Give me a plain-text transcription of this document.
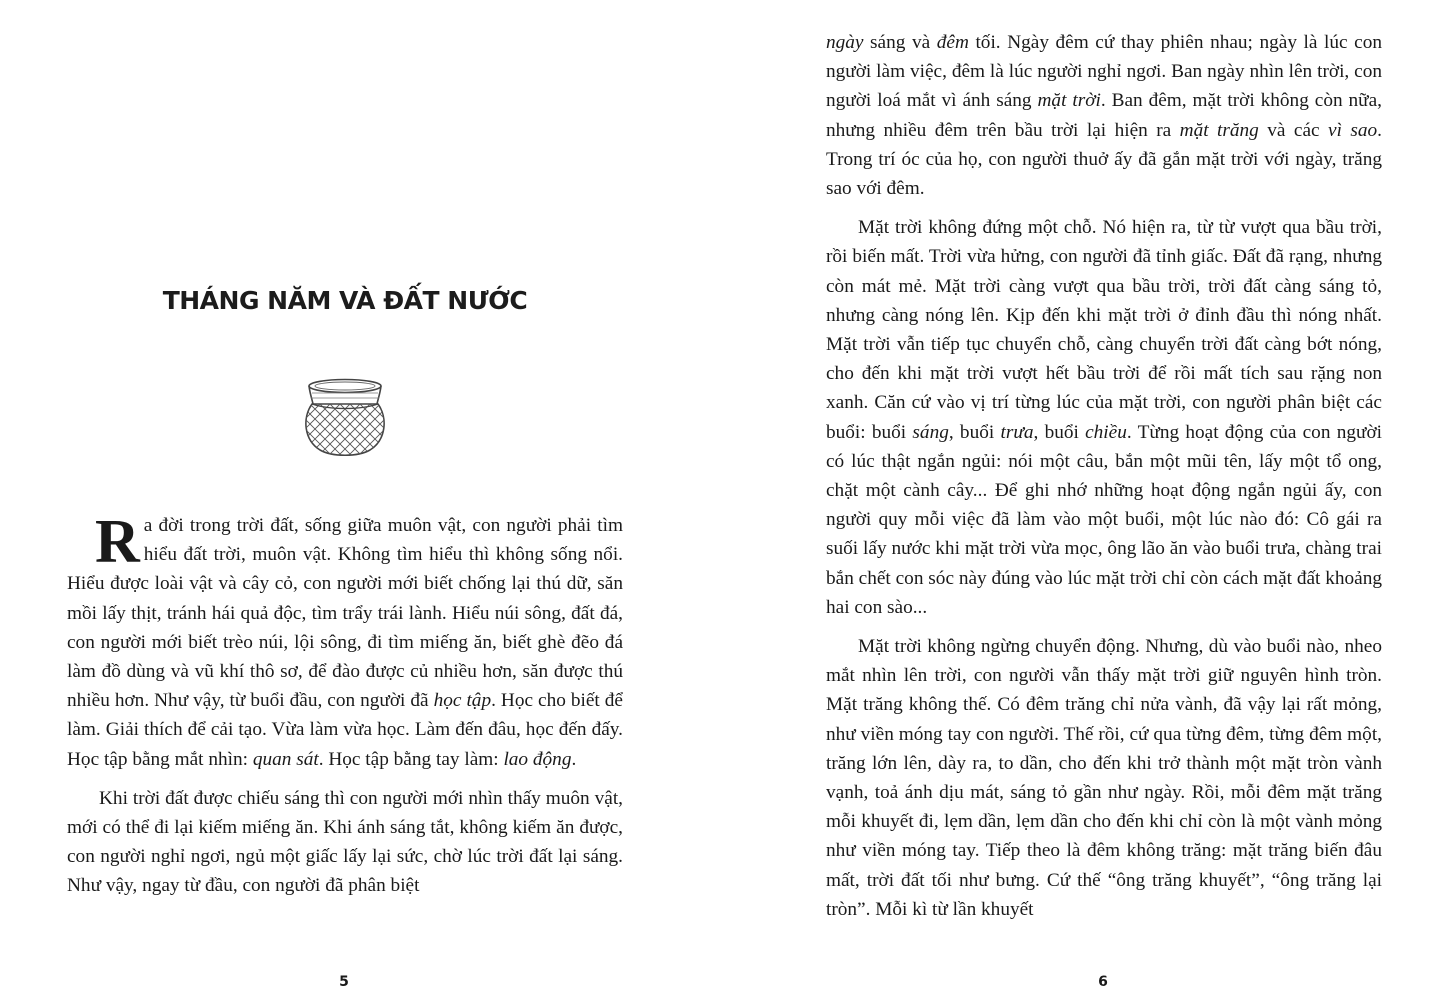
THÁNG NĂM VÀ ĐẤT NƯỚC

Ra đời trong trời đất, sống giữa muôn vật, con người phải tìm hiểu đất trời, muôn vật. Không tìm hiểu thì không sống nổi. Hiểu được loài vật và cây cỏ, con người mới biết chống lại thú dữ, săn mồi lấy thịt, tránh hái quả độc, tìm trẩy trái lành. Hiểu núi sông, đất đá, con người mới biết trèo núi, lội sông, đi tìm miếng ăn, biết ghè đẽo đá làm đồ dùng và vũ khí thô sơ, để đào được củ nhiều hơn, săn được thú nhiều hơn. Như vậy, từ buổi đầu, con người đã học tập. Học cho biết để làm. Giải thích để cải tạo. Vừa làm vừa học. Làm đến đâu, học đến đấy. Học tập bằng mắt nhìn: quan sát. Học tập bằng tay làm: lao động.

Khi trời đất được chiếu sáng thì con người mới nhìn thấy muôn vật, mới có thể đi lại kiếm miếng ăn. Khi ánh sáng tắt, không kiếm ăn được, con người nghỉ ngơi, ngủ một giấc lấy lại sức, chờ lúc trời đất lại sáng. Như vậy, ngay từ đầu, con người đã phân biệt

5

ngày sáng và đêm tối. Ngày đêm cứ thay phiên nhau; ngày là lúc con người làm việc, đêm là lúc người nghỉ ngơi. Ban ngày nhìn lên trời, con người loá mắt vì ánh sáng mặt trời. Ban đêm, mặt trời không còn nữa, nhưng nhiều đêm trên bầu trời lại hiện ra mặt trăng và các vì sao. Trong trí óc của họ, con người thuở ấy đã gắn mặt trời với ngày, trăng sao với đêm.

Mặt trời không đứng một chỗ. Nó hiện ra, từ từ vượt qua bầu trời, rồi biến mất. Trời vừa hửng, con người đã tỉnh giấc. Đất đã rạng, nhưng còn mát mẻ. Mặt trời càng vượt qua bầu trời, trời đất càng sáng tỏ, nhưng càng nóng lên. Kịp đến khi mặt trời ở đỉnh đầu thì nóng nhất. Mặt trời vẫn tiếp tục chuyển chỗ, càng chuyển trời đất càng bớt nóng, cho đến khi mặt trời vượt hết bầu trời để rồi mất tích sau rặng non xanh. Căn cứ vào vị trí từng lúc của mặt trời, con người phân biệt các buổi: buổi sáng, buổi trưa, buổi chiều. Từng hoạt động của con người có lúc thật ngắn ngủi: nói một câu, bắn một mũi tên, lấy một tổ ong, chặt một cành cây... Để ghi nhớ những hoạt động ngắn ngủi ấy, con người quy mỗi việc đã làm vào một buổi, một lúc nào đó: Cô gái ra suối lấy nước khi mặt trời vừa mọc, ông lão ăn vào buổi trưa, chàng trai bắn chết con sóc này đúng vào lúc mặt trời chỉ còn cách mặt đất khoảng hai con sào...

Mặt trời không ngừng chuyển động. Nhưng, dù vào buổi nào, nheo mắt nhìn lên trời, con người vẫn thấy mặt trời giữ nguyên hình tròn. Mặt trăng không thế. Có đêm trăng chỉ nửa vành, đã vậy lại rất mỏng, như viền móng tay con người. Thế rồi, cứ qua từng đêm, từng đêm một, trăng lớn lên, dày ra, to dần, cho đến khi trở thành một mặt tròn vành vạnh, toả ánh dịu mát, sáng tỏ gần như ngày. Rồi, mỗi đêm mặt trăng mỗi khuyết đi, lẹm dần, lẹm dần cho đến khi chỉ còn là một vành mỏng như viền móng tay. Tiếp theo là đêm không trăng: mặt trăng biến đâu mất, trời đất tối như bưng. Cứ thế “ông trăng khuyết”, “ông trăng lại tròn”. Mỗi kì từ lần khuyết

6
